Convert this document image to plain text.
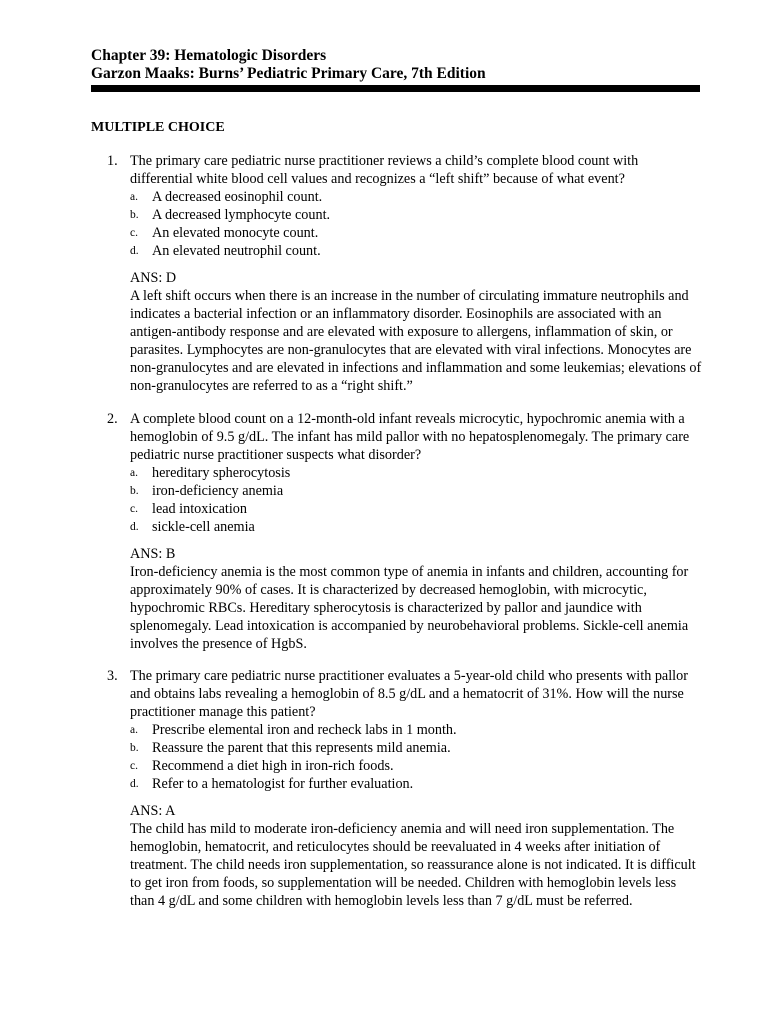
Chapter 39: Hematologic Disorders
Garzon Maaks: Burns’ Pediatric Primary Care, 7th Edition
MULTIPLE CHOICE
1. The primary care pediatric nurse practitioner reviews a child’s complete blood count with differential white blood cell values and recognizes a “left shift” because of what event?
a. A decreased eosinophil count.
b. A decreased lymphocyte count.
c. An elevated monocyte count.
d. An elevated neutrophil count.
ANS: D
A left shift occurs when there is an increase in the number of circulating immature neutrophils and indicates a bacterial infection or an inflammatory disorder. Eosinophils are associated with an antigen-antibody response and are elevated with exposure to allergens, inflammation of skin, or parasites. Lymphocytes are non-granulocytes that are elevated with viral infections. Monocytes are non-granulocytes and are elevated in infections and inflammation and some leukemias; elevations of non-granulocytes are referred to as a “right shift.”
2. A complete blood count on a 12-month-old infant reveals microcytic, hypochromic anemia with a hemoglobin of 9.5 g/dL. The infant has mild pallor with no hepatosplenomegaly. The primary care pediatric nurse practitioner suspects what disorder?
a. hereditary spherocytosis
b. iron-deficiency anemia
c. lead intoxication
d. sickle-cell anemia
ANS: B
Iron-deficiency anemia is the most common type of anemia in infants and children, accounting for approximately 90% of cases. It is characterized by decreased hemoglobin, with microcytic, hypochromic RBCs. Hereditary spherocytosis is characterized by pallor and jaundice with splenomegaly. Lead intoxication is accompanied by neurobehavioral problems. Sickle-cell anemia involves the presence of HgbS.
3. The primary care pediatric nurse practitioner evaluates a 5-year-old child who presents with pallor and obtains labs revealing a hemoglobin of 8.5 g/dL and a hematocrit of 31%. How will the nurse practitioner manage this patient?
a. Prescribe elemental iron and recheck labs in 1 month.
b. Reassure the parent that this represents mild anemia.
c. Recommend a diet high in iron-rich foods.
d. Refer to a hematologist for further evaluation.
ANS: A
The child has mild to moderate iron-deficiency anemia and will need iron supplementation. The hemoglobin, hematocrit, and reticulocytes should be reevaluated in 4 weeks after initiation of treatment. The child needs iron supplementation, so reassurance alone is not indicated. It is difficult to get iron from foods, so supplementation will be needed. Children with hemoglobin levels less than 4 g/dL and some children with hemoglobin levels less than 7 g/dL must be referred.
